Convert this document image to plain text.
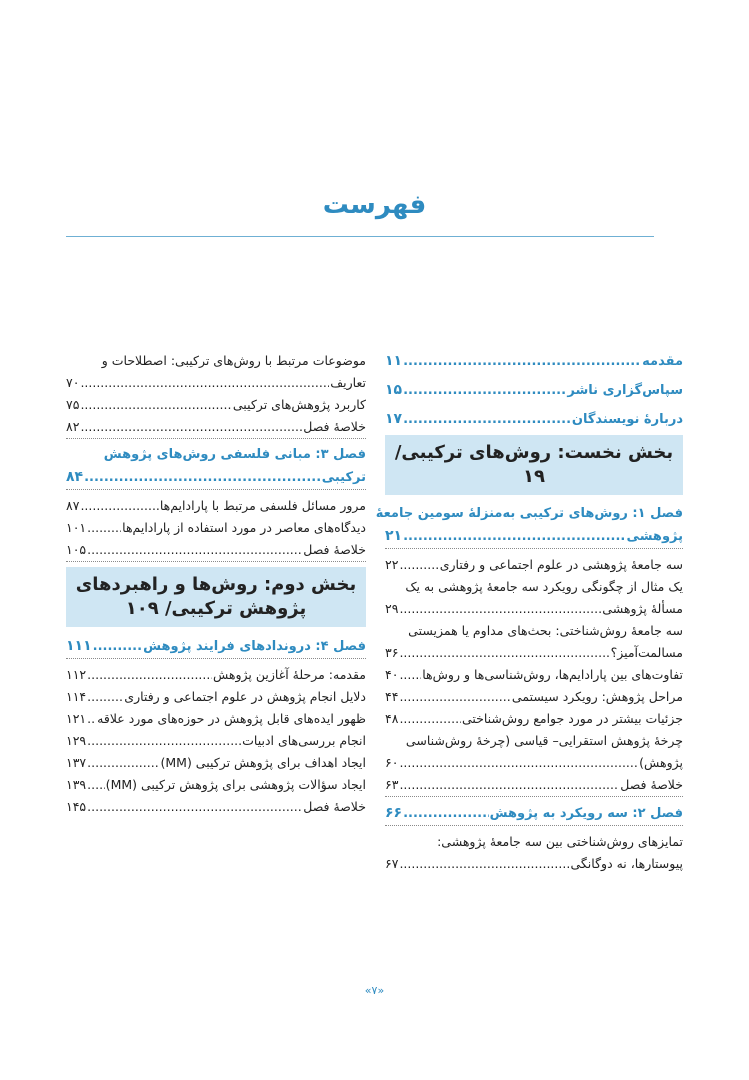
فهرست
مقدمه
.....
۱۱
سپاس‌گزاری ناشر
.....
۱۵
دربارۀ نویسندگان
.....
۱۷
بخش نخست: روش‌های ترکیبی/ ۱۹
فصل ۱: روش‌های ترکیبی به‌منزلۀ سومین جامعۀ
پژوهشی
.....
۲۱
سه جامعۀ پژوهشی در علوم اجتماعی و رفتاری
.....
۲۲
یک مثال از چگونگی رویکرد سه جامعۀ پژوهشی به یک
مسألۀ پژوهشی
.....
۲۹
سه جامعۀ روش‌شناختی: بحث‌های مداوم یا همزیستی
مسالمت‌آمیز؟
.....
۳۶
تفاوت‌های بین پارادایم‌ها، روش‌شناسی‌ها و روش‌ها
.....
۴۰
مراحل پژوهش: رویکرد سیستمی
.....
۴۴
جزئیات بیشتر در مورد جوامع روش‌شناختی
.....
۴۸
چرخۀ پژوهش استقرایی– قیاسی (چرخۀ روش‌شناسی
پژوهش)
.....
۶۰
خلاصۀ فصل
.....
۶۳
فصل ۲: سه رویکرد به پژوهش
.....
۶۶
تمایزهای روش‌شناختی بین سه جامعۀ پژوهشی:
پیوستارها، نه دوگانگی
.....
۶۷
موضوعات مرتبط با روش‌های ترکیبی: اصطلاحات و
تعاریف
.....
۷۰
کاربرد پژوهش‌های ترکیبی
.....
۷۵
خلاصۀ فصل
.....
۸۲
فصل ۳: مبانی فلسفی روش‌های پژوهش
ترکیبی
.....
۸۴
مرور مسائل فلسفی مرتبط با پارادایم‌ها
.....
۸۷
دیدگاه‌های معاصر در مورد استفاده از پارادایم‌ها
.....
۱۰۱
خلاصۀ فصل
.....
۱۰۵
بخش دوم: روش‌ها و راهبردهای
پژوهش ترکیبی/ ۱۰۹
فصل ۴: درونداد‌های فرایند پژوهش
.....
۱۱۱
مقدمه: مرحلۀ آغازین پژوهش
.....
۱۱۲
دلایل انجام پژوهش در علوم اجتماعی و رفتاری
.....
۱۱۴
ظهور ایده‌های قابل پژوهش در حوزه‌های مورد علاقه
.....
۱۲۱
انجام بررسی‌های ادبیات
.....
۱۲۹
ایجاد اهداف برای پژوهش ترکیبی (MM)
.....
۱۳۷
ایجاد سؤالات پژوهشی برای پژوهش ترکیبی (MM)
.....
۱۳۹
خلاصۀ فصل
.....
۱۴۵
«۷»
